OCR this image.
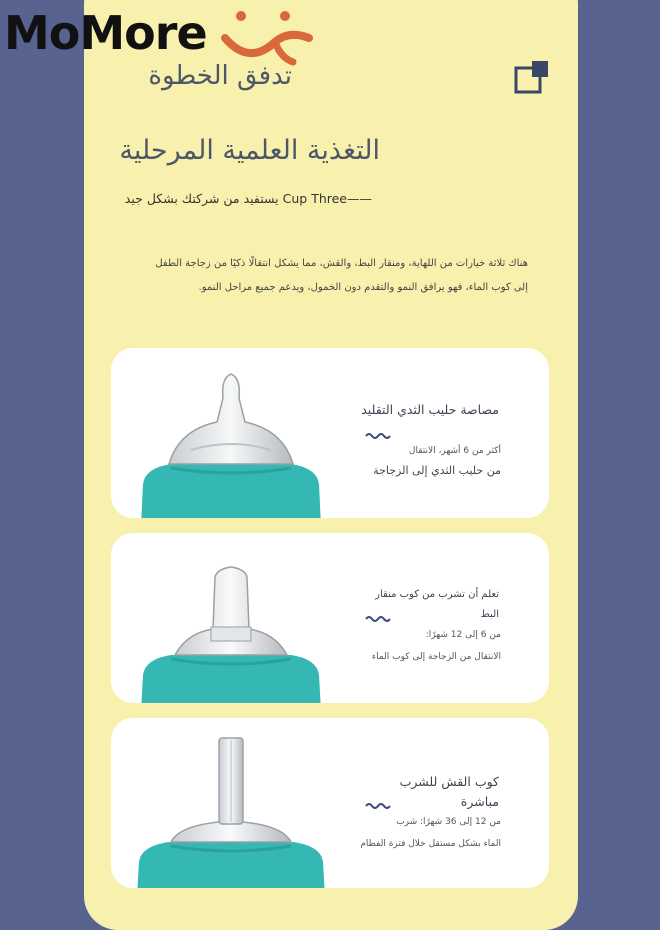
MoMore
تدفق الخطوة
التغذية العلمية المرحلية
يستفيد من شركتك بشكل جيد Cup Three——

هناك ثلاثة خيارات من اللهاية، ومنقار البط، والقش، مما يشكل انتقالًا ذكيًا من زجاجة الطفل

إلى كوب الماء، فهو يرافق النمو والتقدم دون الخمول، ويدعم جميع مراحل النمو.

مصاصة حليب الثدي التقليد
أكثر من 6 أشهر، الانتقال
من حليب الثدي إلى الزجاجة
تعلم أن تشرب من كوب منقار البط
من 6 إلى 12 شهرًا:
الانتقال من الزجاجة إلى كوب الماء
كوب القش للشرب مباشرة
من 12 إلى 36 شهرًا: شرب
الماء بشكل مستقل خلال فترة الفطام
